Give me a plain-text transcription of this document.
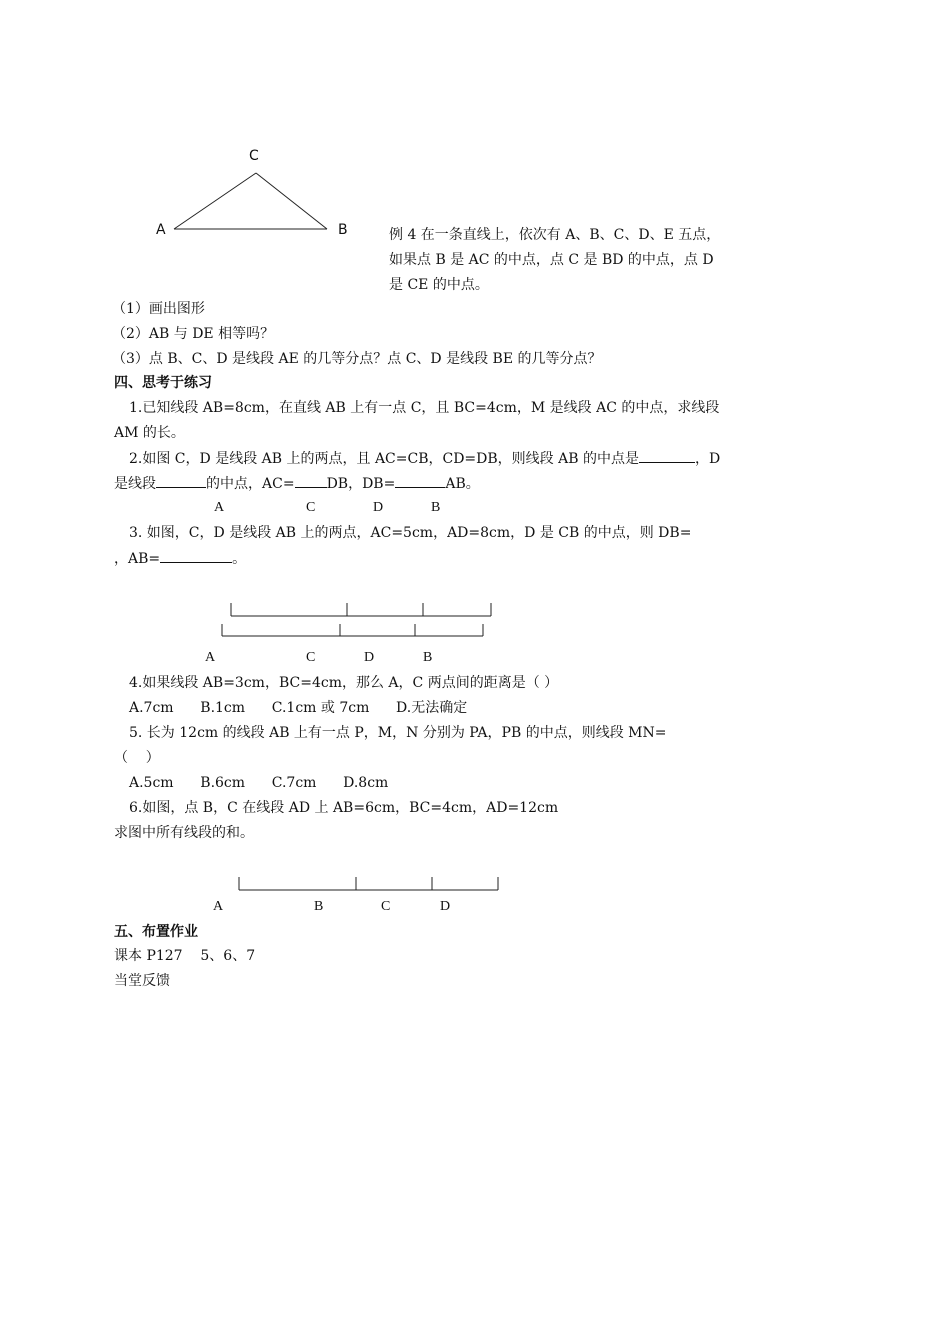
C
A	B	例 4 在一条直线上，依次有 A、B、C、D、E 五点，
如果点 B 是 AC 的中点，点 C 是 BD 的中点，点 D
是 CE 的中点。
（1）画出图形
（2）AB 与 DE 相等吗？
（3）点 B、C、D 是线段 AE 的几等分点？点 C、D 是线段 BE 的几等分点？
四、思考于练习
1.已知线段 AB=8cm，在直线 AB 上有一点 C，且 BC=4cm，M 是线段 AC 的中点，求线段
AM 的长。
2.如图 C，D 是线段 AB 上的两点，且 AC=CB，CD=DB，则线段 AB 的中点是	，D
是线段	的中点，AC= DB，DB=	AB。
A	C	D	B
3. 如图，C，D 是线段 AB 上的两点，AC=5cm，AD=8cm，D 是 CB 的中点，则 DB=
，AB=	。
A	C	D	B
4.如果线段 AB=3cm，BC=4cm，那么 A，C 两点间的距离是（ ）
A.7cm      B.1cm      C.1cm 或 7cm      D.无法确定
5. 长为 12cm 的线段 AB 上有一点 P，M，N 分别为 PA，PB 的中点，则线段 MN=
（    ）
A.5cm      B.6cm      C.7cm      D.8cm
6.如图，点 B，C 在线段 AD 上 AB=6cm，BC=4cm，AD=12cm
求图中所有线段的和。
A	B	C	D
五、布置作业
课本 P127    5、6、7
当堂反馈
